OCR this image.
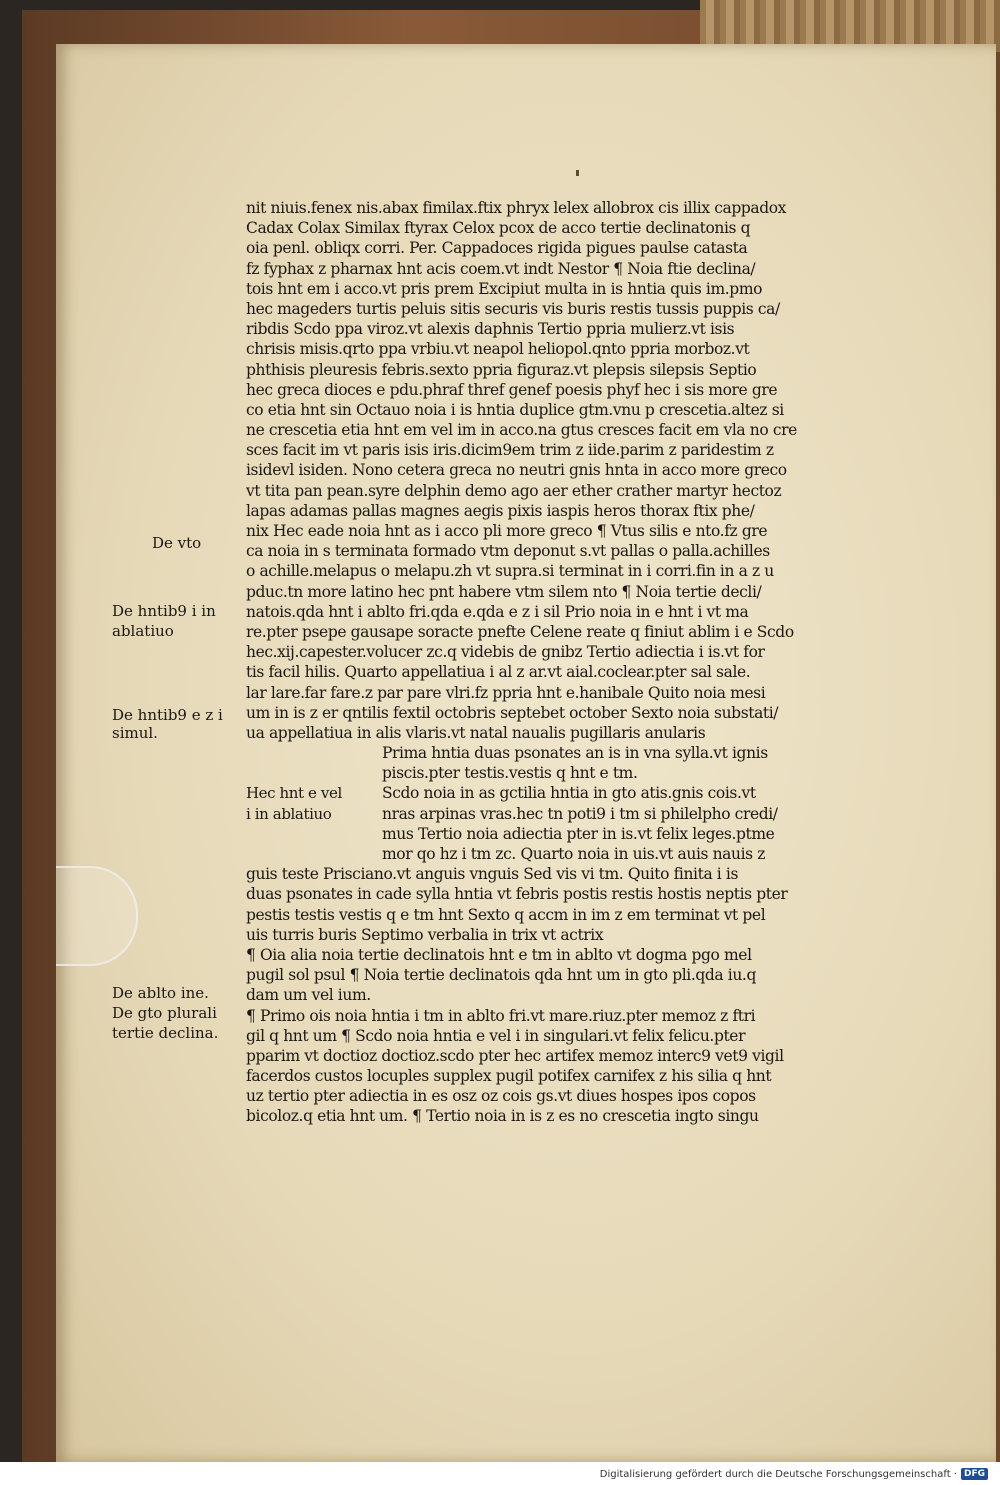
nit niuis.fenex nis.abax fimilax.ftix phryx lelex allobrox cis illix cappadox
Cadax Colax Similax ftyrax Celox pcox de acco tertie declinatonis q
oia penl. obliqx corri. Per. Cappadoces rigida pigues paulse catasta
fz fyphax z pharnax hnt acis coem.vt indt Nestor ¶ Noia ftie declina/
tois hnt em i acco.vt pris prem Excipiut multa in is hntia quis im.pmo
hec mageders turtis peluis sitis securis vis buris restis tussis puppis ca/
ribdis Scdo ppa viroz.vt alexis daphnis Tertio ppria mulierz.vt isis
chrisis misis.qrto ppa vrbiu.vt neapol heliopol.qnto ppria morboz.vt
phthisis pleuresis febris.sexto ppria figuraz.vt plepsis silepsis Septio
hec greca dioces e pdu.phraf thref genef poesis phyf hec i sis more gre
co etia hnt sin Octauo noia i is hntia duplice gtm.vnu p crescetia.altez si
ne crescetia etia hnt em vel im in acco.na gtus cresces facit em vla no cre
sces facit im vt paris isis iris.dicim9em trim z iide.parim z paridestim z
isidevl isiden. Nono cetera greca no neutri gnis hnta in acco more greco
vt tita pan pean.syre delphin demo ago aer ether crather martyr hectoz
lapas adamas pallas magnes aegis pixis iaspis heros thorax ftix phe/
nix Hec eade noia hnt as i acco pli more greco ¶ Vtus silis e nto.fz gre
ca noia in s terminata formado vtm deponut s.vt pallas o palla.achilles
o achille.melapus o melapu.zh vt supra.si terminat in i corri.fin in a z u
pduc.tn more latino hec pnt habere vtm silem nto ¶ Noia tertie decli/
natois.qda hnt i ablto fri.qda e.qda e z i sil Prio noia in e hnt i vt ma
re.pter psepe gausape soracte pnefte Celene reate q finiut ablim i e Scdo
hec.xij.capester.volucer zc.q videbis de gnibz Tertio adiectia i is.vt for
tis facil hilis. Quarto appellatiua i al z ar.vt aial.coclear.pter sal sale.
lar lare.far fare.z par pare vlri.fz ppria hnt e.hanibale Quito noia mesi
um in is z er qntilis fextil octobris septebet october Sexto noia substati/
ua appellatiua in alis vlaris.vt natal naualis pugillaris anularis
Prima hntia duas psonates an is in vna sylla.vt ignis
piscis.pter testis.vestis q hnt e tm.
Hec hnt e vel	Scdo noia in as gctilia hntia in gto atis.gnis cois.vt
i in ablatiuo	nras arpinas vras.hec tn poti9 i tm si philelpho credi/
mus Tertio noia adiectia pter in is.vt felix leges.ptme
mor qo hz i tm zc. Quarto noia in uis.vt auis nauis z
guis teste Prisciano.vt anguis vnguis Sed vis vi tm. Quito finita i is
duas psonates in cade sylla hntia vt febris postis restis hostis neptis pter
pestis testis vestis q e tm hnt Sexto q accm in im z em terminat vt pel
uis turris buris Septimo verbalia in trix vt actrix
¶ Oia alia noia tertie declinatois hnt e tm in ablto vt dogma pgo mel
pugil sol psul ¶ Noia tertie declinatois qda hnt um in gto pli.qda iu.q
dam um vel ium.
¶ Primo ois noia hntia i tm in ablto fri.vt mare.riuz.pter memoz z ftri
gil q hnt um ¶ Scdo noia hntia e vel i in singulari.vt felix felicu.pter
pparim vt doctioz doctioz.scdo pter hec artifex memoz interc9 vet9 vigil
facerdos custos locuples supplex pugil potifex carnifex z his silia q hnt
uz tertio pter adiectia in es osz oz cois gs.vt diues hospes ipos copos
bicoloz.q etia hnt um. ¶ Tertio noia in is z es no crescetia ingto singu
De vto
De hntib9 i in
ablatiuo
De hntib9 e z i
simul.
De ablto ine.
De gto plurali
tertie declina.
Digitalisierung gefördert durch die Deutsche Forschungsgemeinschaft · DFG
